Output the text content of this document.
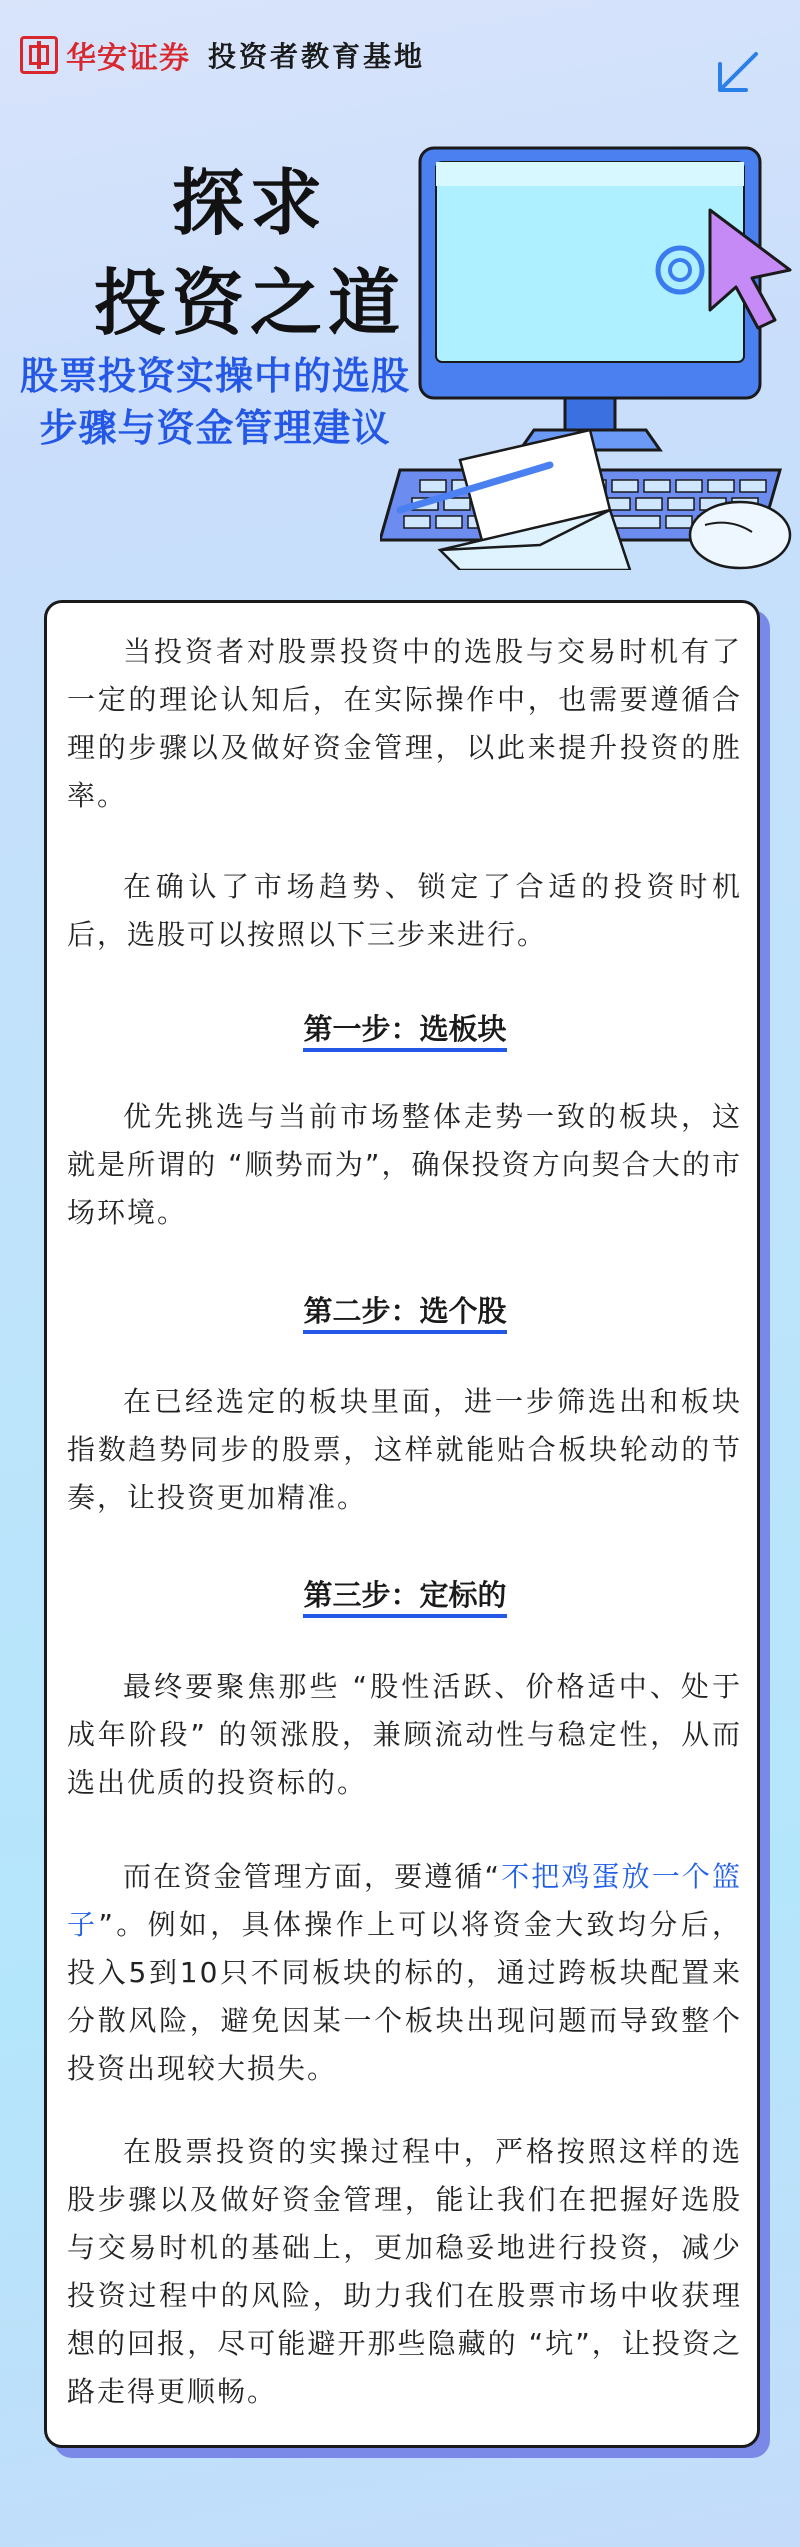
华安证券 投资者教育基地
探求
投资之道
股票投资实操中的选股
步骤与资金管理建议

当投资者对股票投资中的选股与交易时机有了一定的理论认知后，在实际操作中，也需要遵循合理的步骤以及做好资金管理，以此来提升投资的胜率。

在确认了市场趋势、锁定了合适的投资时机后，选股可以按照以下三步来进行。

第一步：选板块

优先挑选与当前市场整体走势一致的板块，这就是所谓的 “顺势而为”，确保投资方向契合大的市场环境。

第二步：选个股

在已经选定的板块里面，进一步筛选出和板块指数趋势同步的股票，这样就能贴合板块轮动的节奏，让投资更加精准。

第三步：定标的

最终要聚焦那些 “股性活跃、价格适中、处于成年阶段” 的领涨股，兼顾流动性与稳定性，从而选出优质的投资标的。

而在资金管理方面，要遵循“不把鸡蛋放一个篮子”。例如，具体操作上可以将资金大致均分后，投入5到10只不同板块的标的，通过跨板块配置来分散风险，避免因某一个板块出现问题而导致整个投资出现较大损失。

在股票投资的实操过程中，严格按照这样的选股步骤以及做好资金管理，能让我们在把握好选股与交易时机的基础上，更加稳妥地进行投资，减少投资过程中的风险，助力我们在股票市场中收获理想的回报，尽可能避开那些隐藏的 “坑”，让投资之路走得更顺畅。
